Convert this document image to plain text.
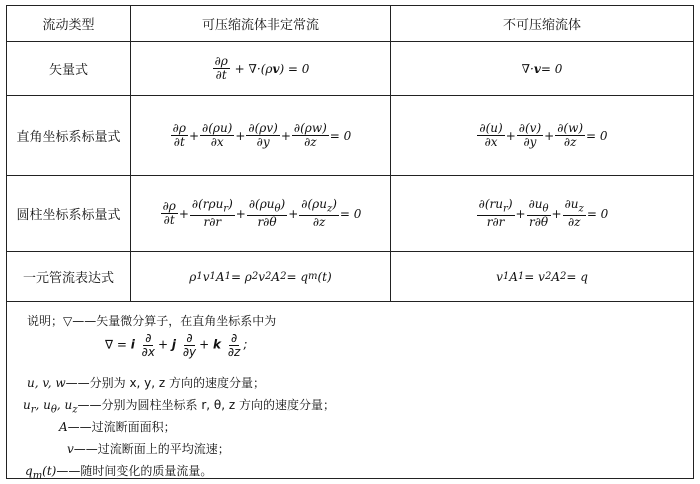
流动类型	可压缩流体非定常流	不可压缩流体
矢量式	$\frac{\partial\rho}{\partial t} + \nabla\cdot(\rho$ v ) = 0	∇· v = 0
直角坐标系标量式	$\frac{\partial\rho}{\partial t} + \frac{\partial(\rho u)}{\partial x} + \frac{\partial(\rho v)}{\partial y} + \frac{\partial(\rho w)}{\partial z} = 0$	$\frac{\partial(u)}{\partial x} + \frac{\partial(v)}{\partial y} + \frac{\partial(w)}{\partial z} = 0$
圆柱坐标系标量式	$\frac{\partial\rho}{\partial t} + \frac{\partial(r\rho u_r)}{r\partial r} + \frac{\partial(\rho u_\theta)}{r\partial\theta} + \frac{\partial(\rho u_z)}{\partial z} = 0$	$\frac{\partial(ru_r)}{r\partial r} + \frac{\partial u_\theta}{r\partial\theta} + \frac{\partial u_z}{\partial z} = 0$
一元管流表达式	ρ 1 v 1 A 1 = ρ 2 v 2 A 2 = q m (t)	v 1 A 1 = v 2 A 2 = q
说明；▽——矢量微分算子，在直角坐标系中为
∇ = i $\frac{\partial}{\partial x} + j \frac{\partial}{\partial y} + k \frac{\partial}{\partial z}$ ;
u, v, w——分别为 x, y, z 方向的速度分量；
$u_r$, $u_\theta$, $u_z——$分别为圆柱坐标系 r, θ, z 方向的速度分量；
A——过流断面面积；
v——过流断面上的平均流速；
$q_m(t)——$随时间变化的质量流量。
